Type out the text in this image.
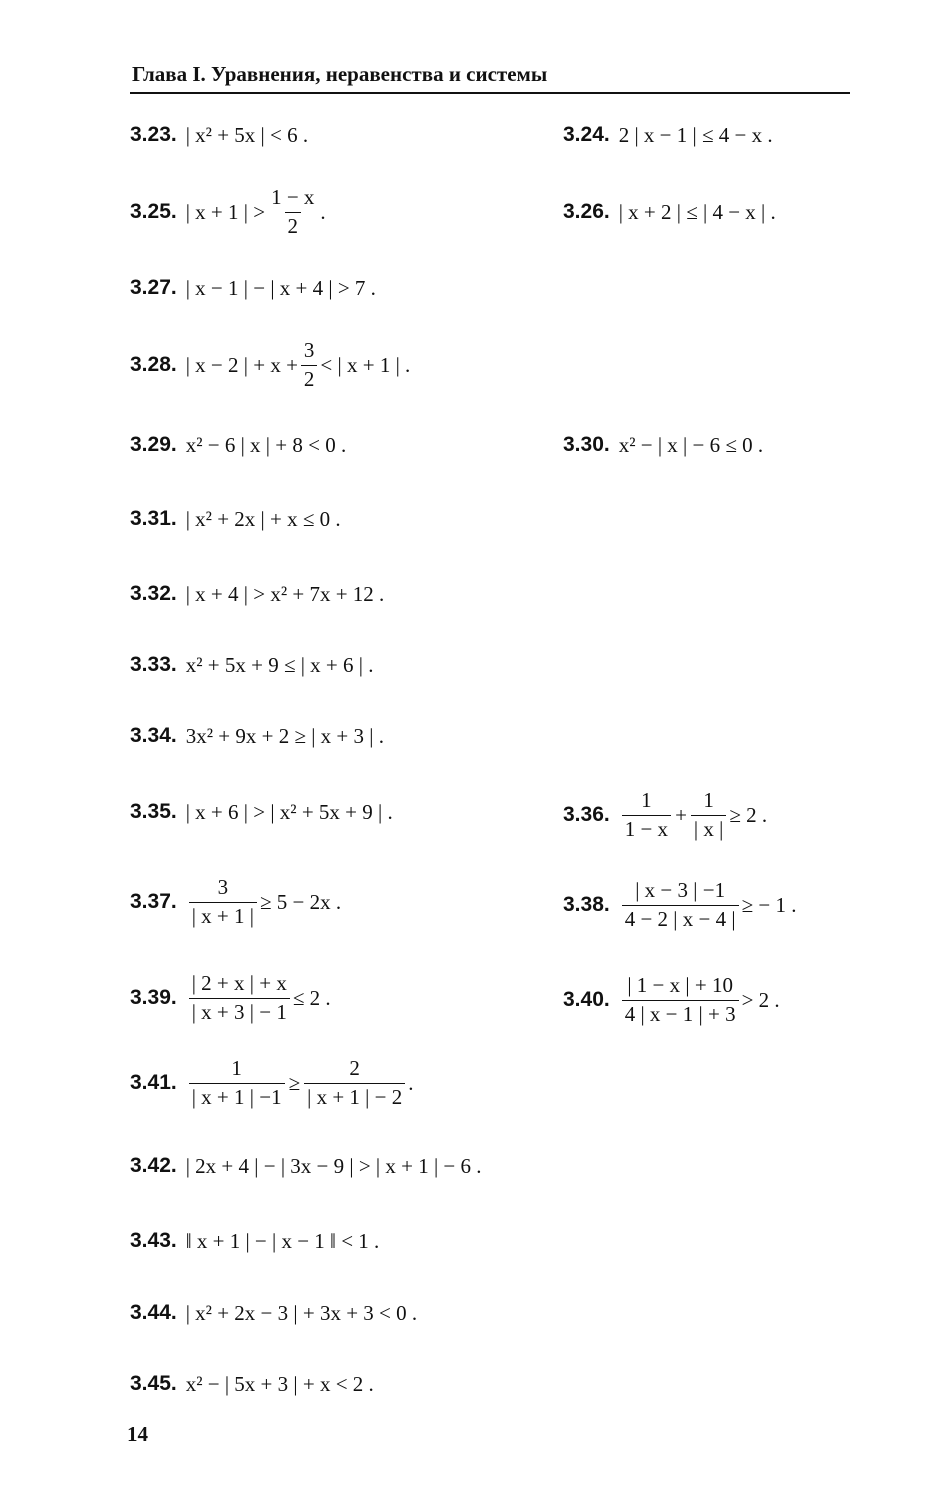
Глава I. Уравнения, неравенства и системы
3.23. | x² + 5x | < 6 .	3.24. 2 | x − 1 | ≤ 4 − x .
3.25. | x + 1 | > $\frac{1 - x}{2}$ .	3.26. | x + 2 | ≤ | 4 − x | .
3.27. | x − 1 | − | x + 4 | > 7 .
3.28. | x − 2 | + $x + \frac{3}{2}$ < | x + 1 | .
3.29. x² − 6 | x | + 8 < 0 .	3.30. x² − | x | − 6 ≤ 0 .
3.31. | x² + 2x | + x ≤ 0 .
3.32. | x + 4 | > x² + 7x + 12 .
3.33. x² + 5x + 9 ≤ | x + 6 | .
3.34. 3x² + 9x + 2 ≥ | x + 3 | .
3.35. | x + 6 | > | x² + 5x + 9 | .	3.36. $\frac{1}{1 - x} + \frac{1}{| x |} \ge 2$ .
3.37. $\frac{3}{| x + 1 |} \ge 5 - 2x$ .	3.38. $\frac{| x - 3 | -1}{4 - 2 | x - 4 |}$ ≥ − 1 .
3.39. $\frac{| 2 + x | + x}{| x + 3 | - 1} \le 2$ .	3.40. $\frac{| 1 - x | + 10}{4 | x - 1 | + 3} > 2$ .
3.41. $\frac{1}{| x + 1 | -1} \ge \frac{2}{| x + 1 | - 2}$ .
3.42. | 2x + 4 | − | 3x − 9 | > | x + 1 | − 6 .
3.43. ‖ x + 1 | − | x − 1 ‖ < 1 .
3.44. | x² + 2x − 3 | + 3x + 3 < 0 .
3.45. x² − | 5x + 3 | + x < 2 .
14
